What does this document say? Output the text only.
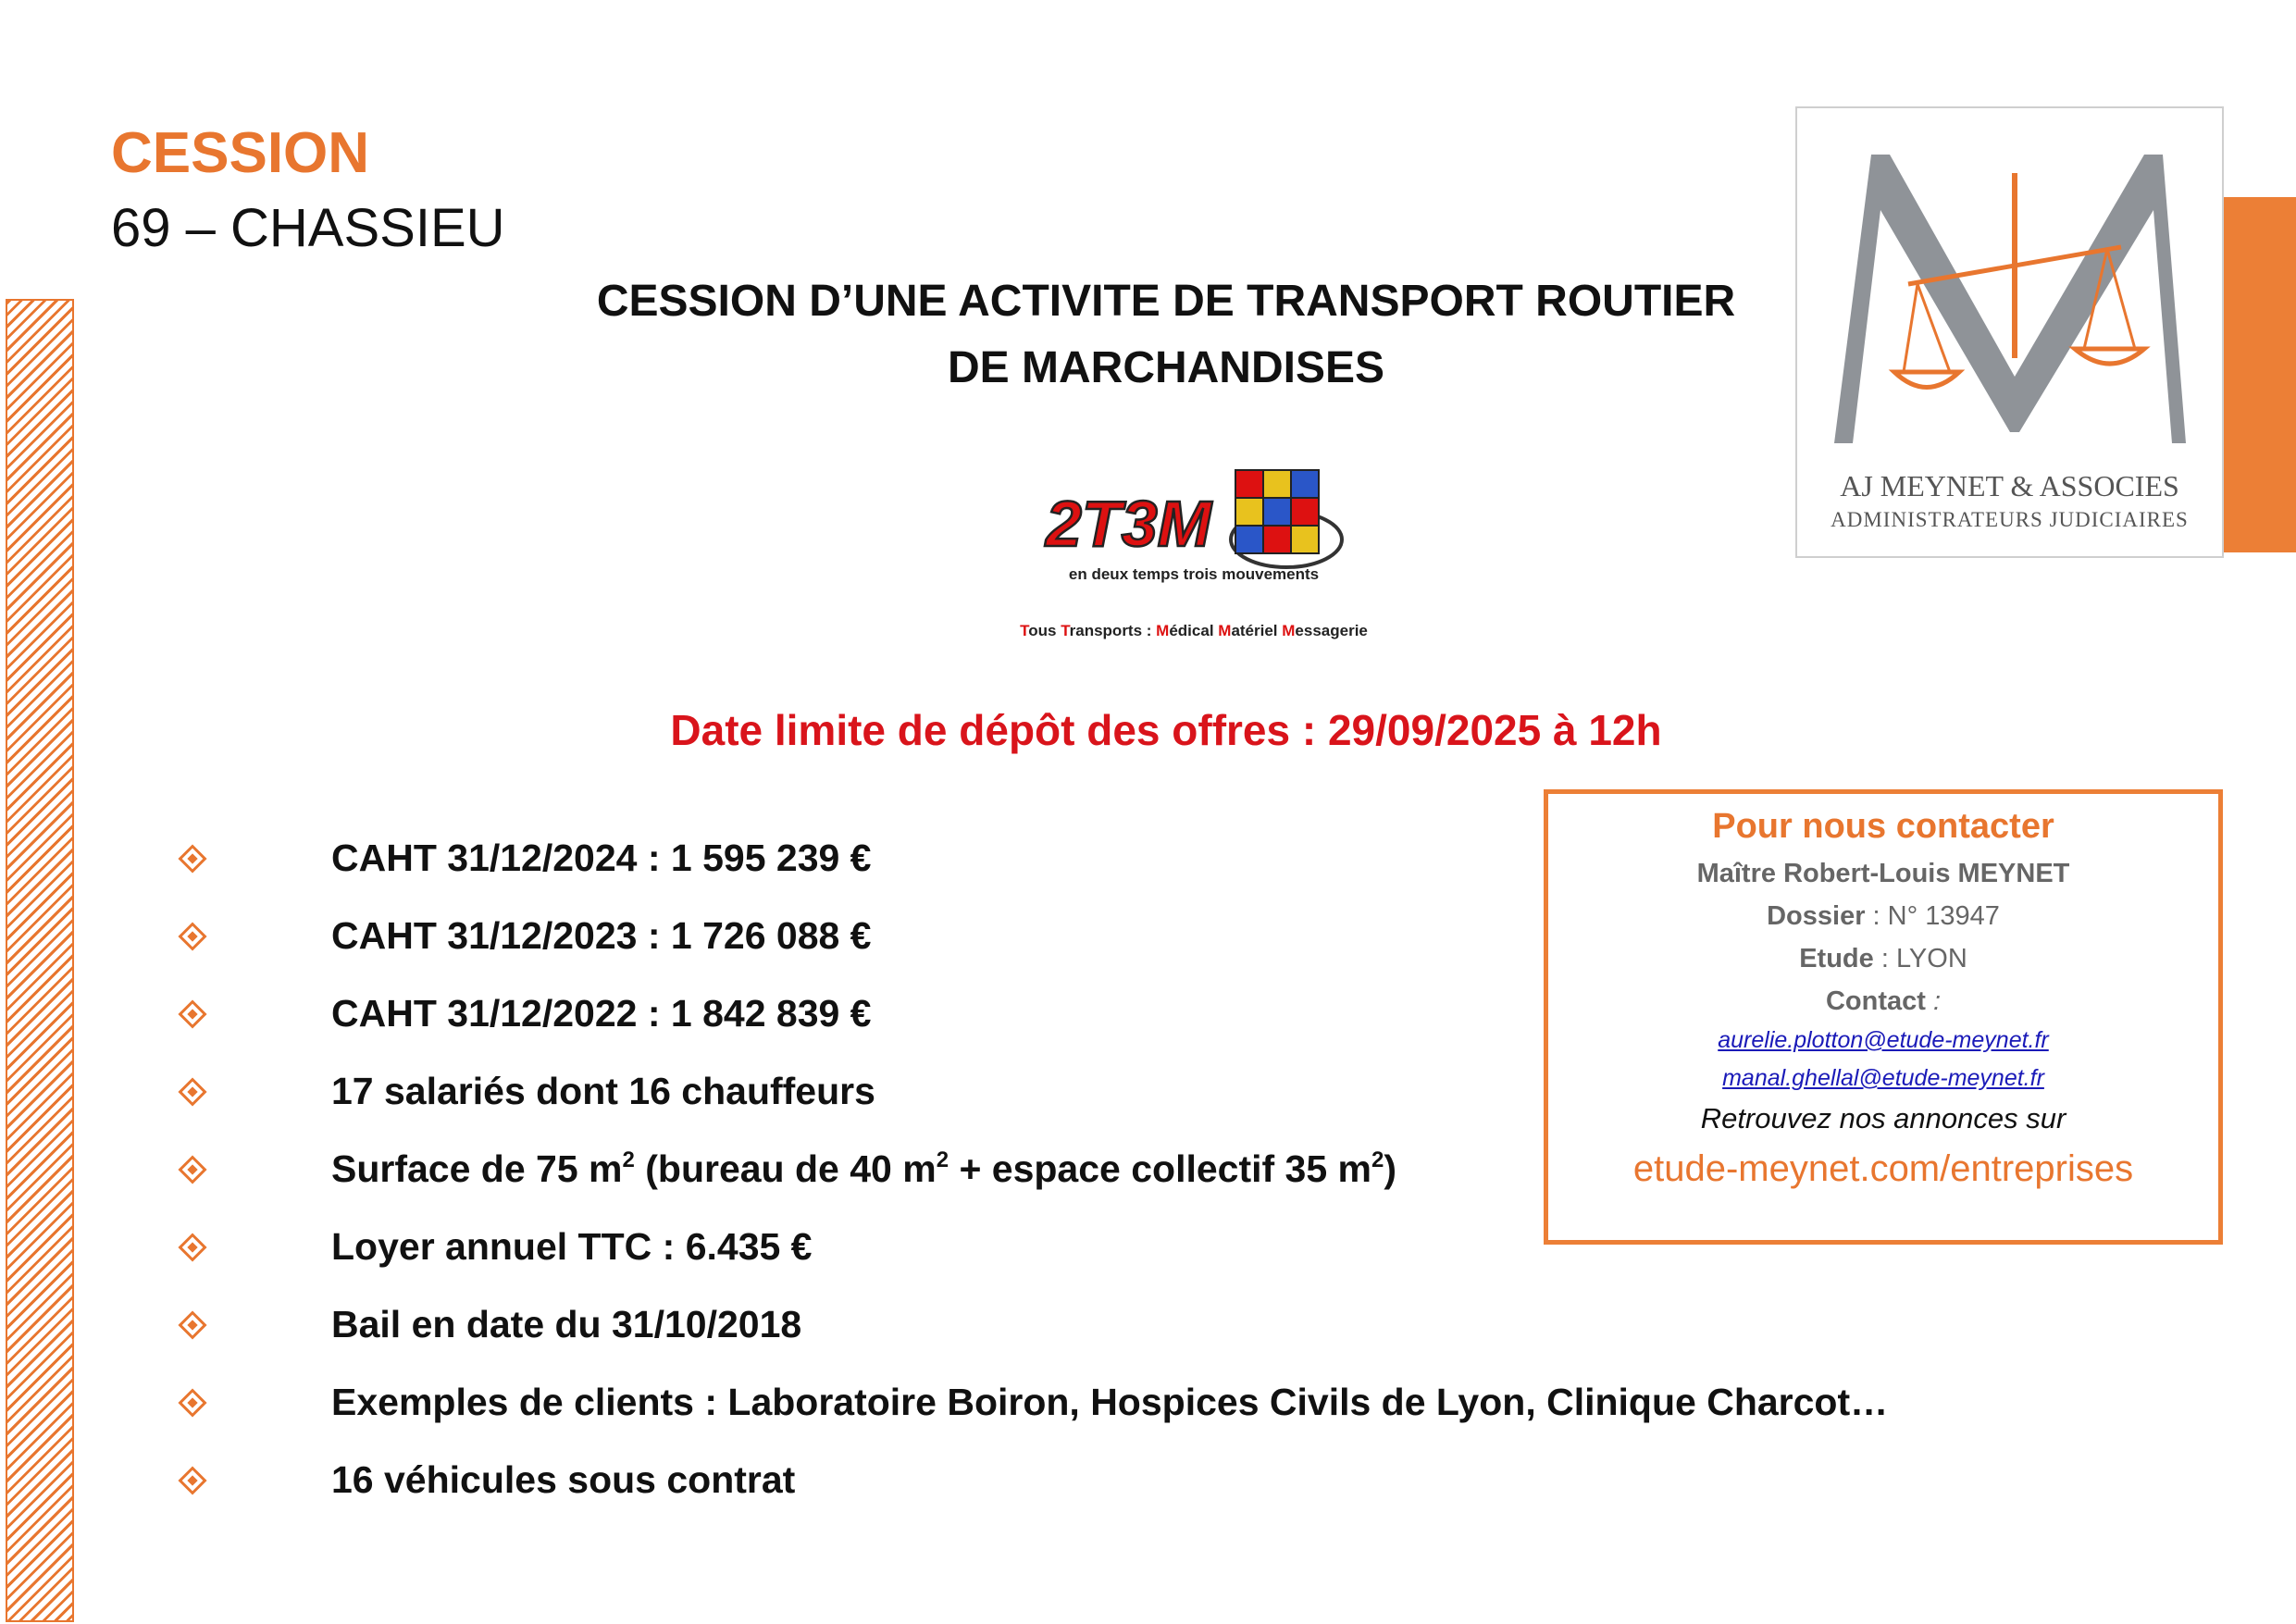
CESSION
69 – CHASSIEU
CESSION D’UNE ACTIVITE DE TRANSPORT ROUTIER
DE MARCHANDISES
2T3M
en deux temps trois mouvements
Tous Transports : Médical Matériel Messagerie
Date limite de dépôt des offres : 29/09/2025 à 12h
AJ MEYNET & ASSOCIES
ADMINISTRATEURS JUDICIAIRES
CAHT 31/12/2024 : 1 595 239 €
CAHT 31/12/2023 : 1 726 088 €
CAHT 31/12/2022 : 1 842 839 €
17 salariés dont 16 chauffeurs
Surface de 75 $m^2$ (bureau de 40 $m^2$ + espace collectif 35 $m^2$)
Loyer annuel TTC : 6.435 €
Bail en date du 31/10/2018
Exemples de clients : Laboratoire Boiron, Hospices Civils de Lyon, Clinique Charcot…
16 véhicules sous contrat
Pour nous contacter
Maître Robert-Louis MEYNET
Dossier : N° 13947
Etude : LYON
Contact :
aurelie.plotton@etude-meynet.fr
manal.ghellal@etude-meynet.fr
Retrouvez nos annonces sur
etude-meynet.com/entreprises
